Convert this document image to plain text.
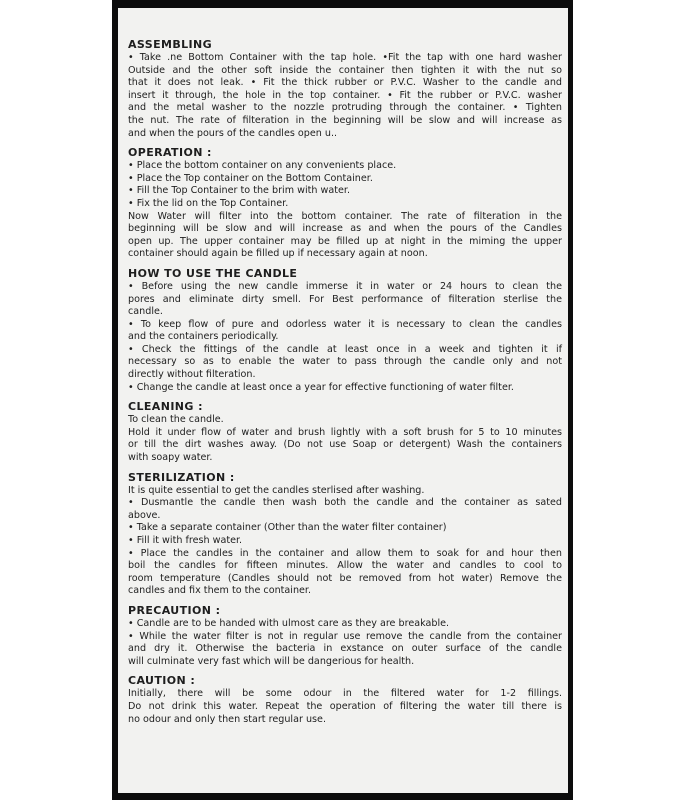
ASSEMBLING
• Take .ne Bottom Container with the tap hole. •Fit the tap with one hard washer
Outside and the other soft inside the container then tighten it with the nut so
that it does not leak. • Fit the thick rubber or P.V.C. Washer to the candle and
insert it through, the hole in the top container. • Fit the rubber or P.V.C. washer
and the metal washer to the nozzle protruding through the container. • Tighten
the nut. The rate of filteration in the beginning will be slow and will increase as
and when the pours of the candles open u..
OPERATION :
• Place the bottom container on any convenients place.
• Place the Top container on the Bottom Container.
• Fill the Top Container to the brim with water.
• Fix the lid on the Top Container.
Now Water will filter into the bottom container. The rate of filteration in the
beginning will be slow and will increase as and when the pours of the Candles
open up. The upper container may be filled up at night in the miming the upper
container should again be filled up if necessary again at noon.
HOW TO USE THE CANDLE
• Before using the new candle immerse it in water or 24 hours to clean the
pores and eliminate dirty smell. For Best performance of filteration sterlise the
candle.
• To keep flow of pure and odorless water it is necessary to clean the candles
and the containers periodically.
• Check the fittings of the candle at least once in a week and tighten it if
necessary so as to enable the water to pass through the candle only and not
directly without filteration.
• Change the candle at least once a year for effective functioning of water filter.
CLEANING :
To clean the candle.
Hold it under flow of water and brush lightly with a soft brush for 5 to 10 minutes
or till the dirt washes away. (Do not use Soap or detergent) Wash the containers
with soapy water.
STERILIZATION :
It is quite essential to get the candles sterlised after washing.
• Dusmantle the candle then wash both the candle and the container as sated
above.
• Take a separate container (Other than the water filter container)
• Fill it with fresh water.
• Place the candles in the container and allow them to soak for and hour then
boil the candles for fifteen minutes. Allow the water and candles to cool to
room temperature (Candles should not be removed from hot water) Remove the
candles and fix them to the container.
PRECAUTION :
• Candle are to be handed with ulmost care as they are breakable.
• While the water filter is not in regular use remove the candle from the container
and dry it. Otherwise the bacteria in exstance on outer surface of the candle
will culminate very fast which will be dangerious for health.
CAUTION :
Initially, there will be some odour in the filtered water for 1-2 fillings.
Do not drink this water. Repeat the operation of filtering the water till there is
no odour and only then start regular use.
